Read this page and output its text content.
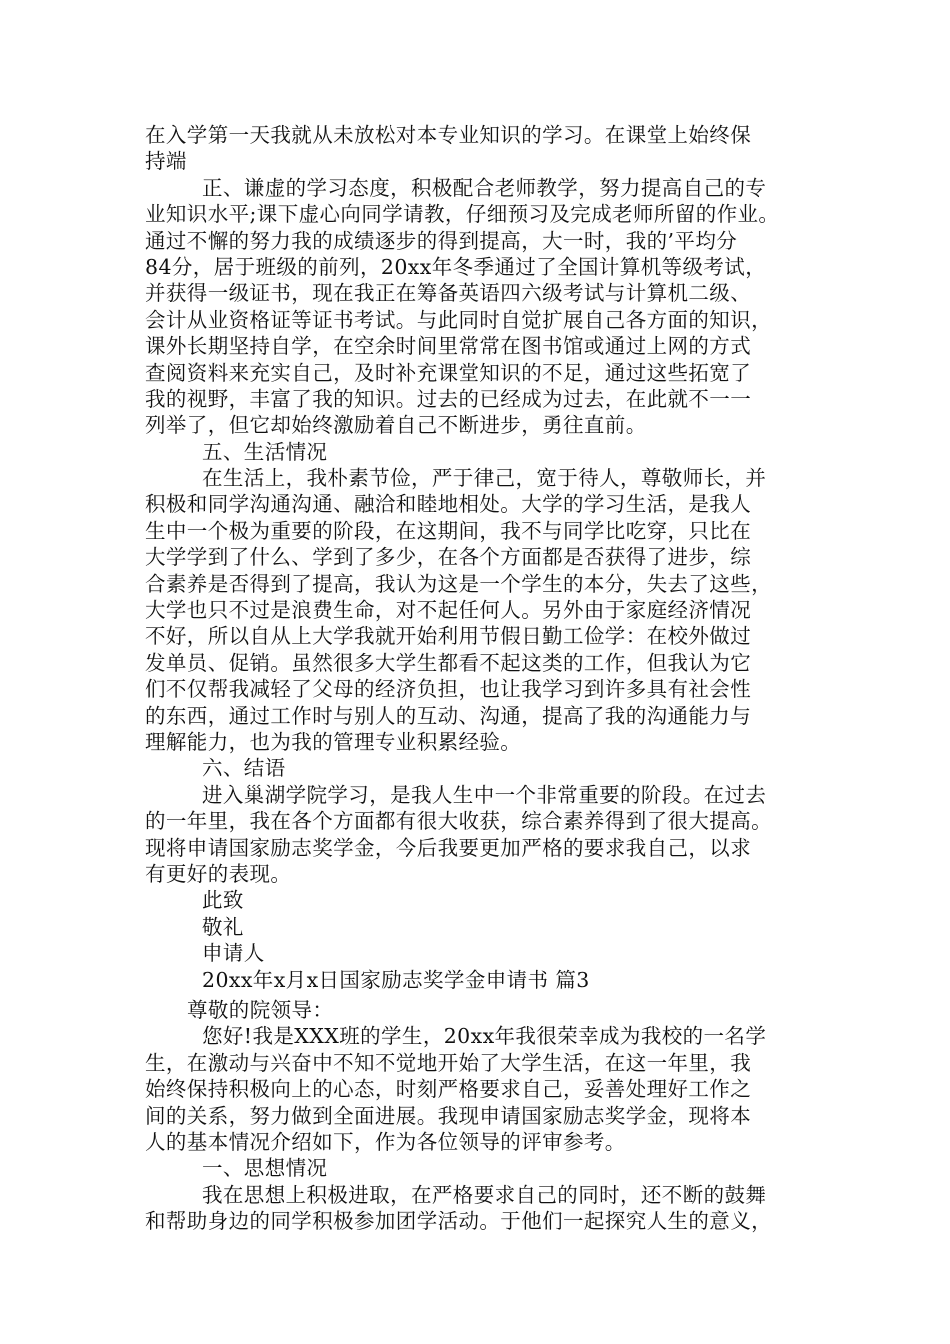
在入学第一天我就从未放松对本专业知识的学习。在课堂上始终保
持端
正、谦虚的学习态度，积极配合老师教学，努力提高自己的专
业知识水平;课下虚心向同学请教，仔细预习及完成老师所留的作业。
通过不懈的努力我的成绩逐步的得到提高，大一时，我的’平均分
84分，居于班级的前列，20xx年冬季通过了全国计算机等级考试，
并获得一级证书，现在我正在筹备英语四六级考试与计算机二级、
会计从业资格证等证书考试。与此同时自觉扩展自己各方面的知识，
课外长期坚持自学，在空余时间里常常在图书馆或通过上网的方式
查阅资料来充实自己，及时补充课堂知识的不足，通过这些拓宽了
我的视野，丰富了我的知识。过去的已经成为过去，在此就不一一
列举了，但它却始终激励着自己不断进步，勇往直前。
五、生活情况
在生活上，我朴素节俭，严于律己，宽于待人，尊敬师长，并
积极和同学沟通沟通、融洽和睦地相处。大学的学习生活，是我人
生中一个极为重要的阶段，在这期间，我不与同学比吃穿，只比在
大学学到了什么、学到了多少，在各个方面都是否获得了进步，综
合素养是否得到了提高，我认为这是一个学生的本分，失去了这些，
大学也只不过是浪费生命，对不起任何人。另外由于家庭经济情况
不好，所以自从上大学我就开始利用节假日勤工俭学：在校外做过
发单员、促销。虽然很多大学生都看不起这类的工作，但我认为它
们不仅帮我减轻了父母的经济负担，也让我学习到许多具有社会性
的东西，通过工作时与别人的互动、沟通，提高了我的沟通能力与
理解能力，也为我的管理专业积累经验。
六、结语
进入巢湖学院学习，是我人生中一个非常重要的阶段。在过去
的一年里，我在各个方面都有很大收获，综合素养得到了很大提高。
现将申请国家励志奖学金，今后我要更加严格的要求我自己，以求
有更好的表现。
此致
敬礼
申请人
20xx年x月x日国家励志奖学金申请书 篇3
尊敬的院领导：
您好!我是XXX班的学生，20xx年我很荣幸成为我校的一名学
生，在激动与兴奋中不知不觉地开始了大学生活，在这一年里，我
始终保持积极向上的心态，时刻严格要求自己，妥善处理好工作之
间的关系，努力做到全面进展。我现申请国家励志奖学金，现将本
人的基本情况介绍如下，作为各位领导的评审参考。
一、思想情况
我在思想上积极进取，在严格要求自己的同时，还不断的鼓舞
和帮助身边的同学积极参加团学活动。于他们一起探究人生的意义，
